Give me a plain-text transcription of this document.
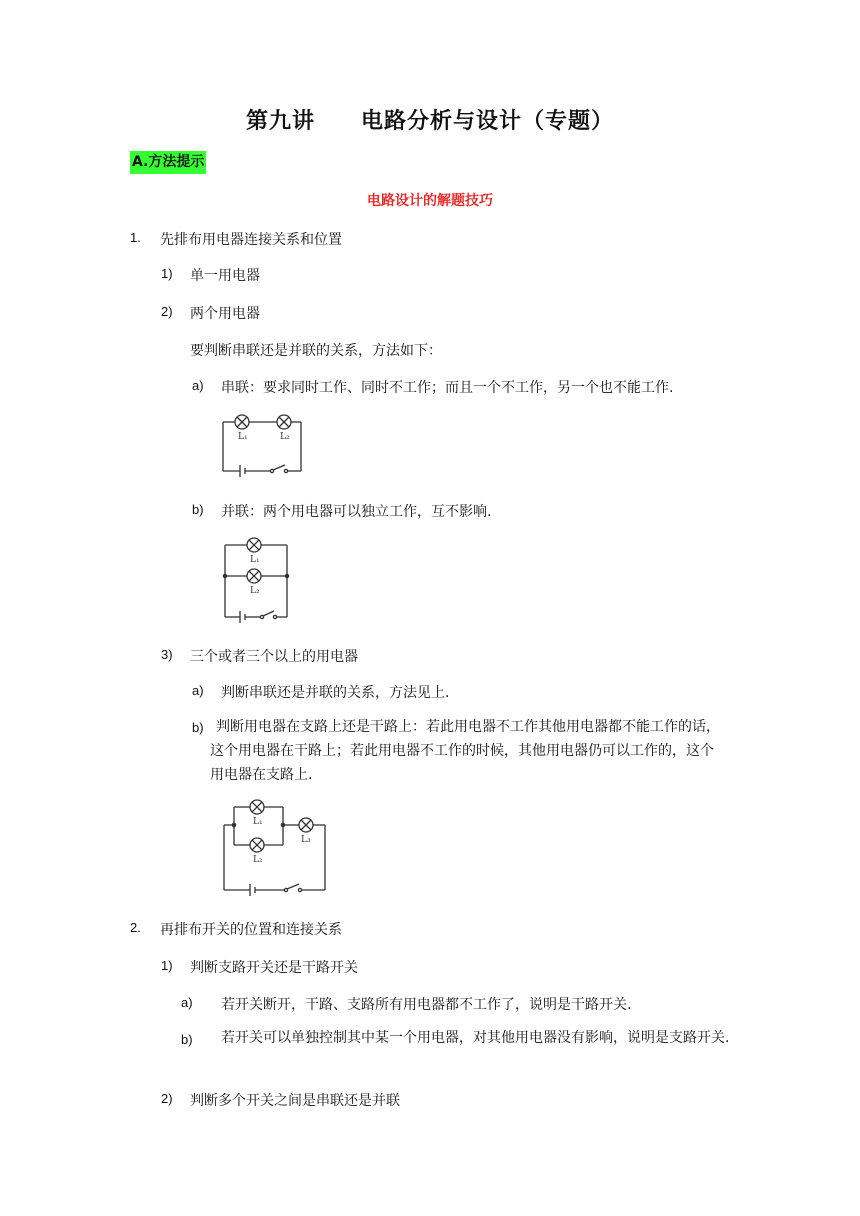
第九讲　　电路分析与设计（专题）
A.方法提示
电路设计的解题技巧
1. 先排布用电器连接关系和位置
1) 单一用电器
2) 两个用电器
要判断串联还是并联的关系，方法如下：
a) 串联：要求同时工作、同时不工作；而且一个不工作，另一个也不能工作.
L₁	L₂
b) 并联：两个用电器可以独立工作，互不影响.
L₁
L₂
3) 三个或者三个以上的用电器
a) 判断串联还是并联的关系，方法见上.
b) 判断用电器在支路上还是干路上：若此用电器不工作其他用电器都不能工作的话，这个用电器在干路上；若此用电器不工作的时候，其他用电器仍可以工作的，这个用电器在支路上.
L₁
L₂
L₃
2. 再排布开关的位置和连接关系
1) 判断支路开关还是干路开关
a) 若开关断开，干路、支路所有用电器都不工作了，说明是干路开关.
b) 若开关可以单独控制其中某一个用电器，对其他用电器没有影响，说明是支路开关.
2) 判断多个开关之间是串联还是并联
